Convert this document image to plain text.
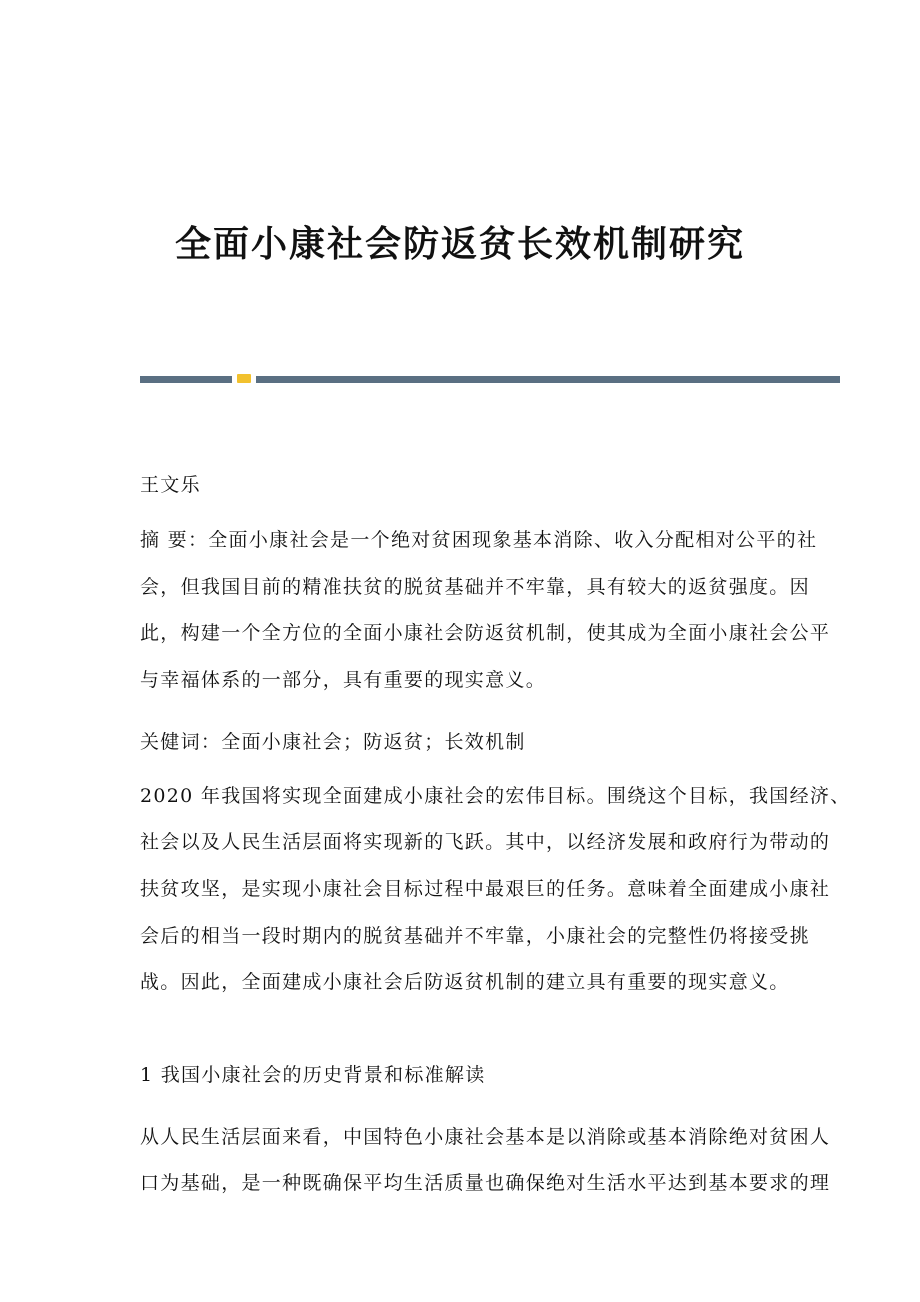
全面小康社会防返贫长效机制研究
王文乐
摘 要：全面小康社会是一个绝对贫困现象基本消除、收入分配相对公平的社
会，但我国目前的精准扶贫的脱贫基础并不牢靠，具有较大的返贫强度。因
此，构建一个全方位的全面小康社会防返贫机制，使其成为全面小康社会公平
与幸福体系的一部分，具有重要的现实意义。
关健词：全面小康社会；防返贫；长效机制
2020 年我国将实现全面建成小康社会的宏伟目标。围绕这个目标，我国经济、
社会以及人民生活层面将实现新的飞跃。其中，以经济发展和政府行为带动的
扶贫攻坚，是实现小康社会目标过程中最艰巨的任务。意味着全面建成小康社
会后的相当一段时期内的脱贫基础并不牢靠，小康社会的完整性仍将接受挑
战。因此，全面建成小康社会后防返贫机制的建立具有重要的现实意义。
1 我国小康社会的历史背景和标准解读
从人民生活层面来看，中国特色小康社会基本是以消除或基本消除绝对贫困人
口为基础，是一种既确保平均生活质量也确保绝对生活水平达到基本要求的理
